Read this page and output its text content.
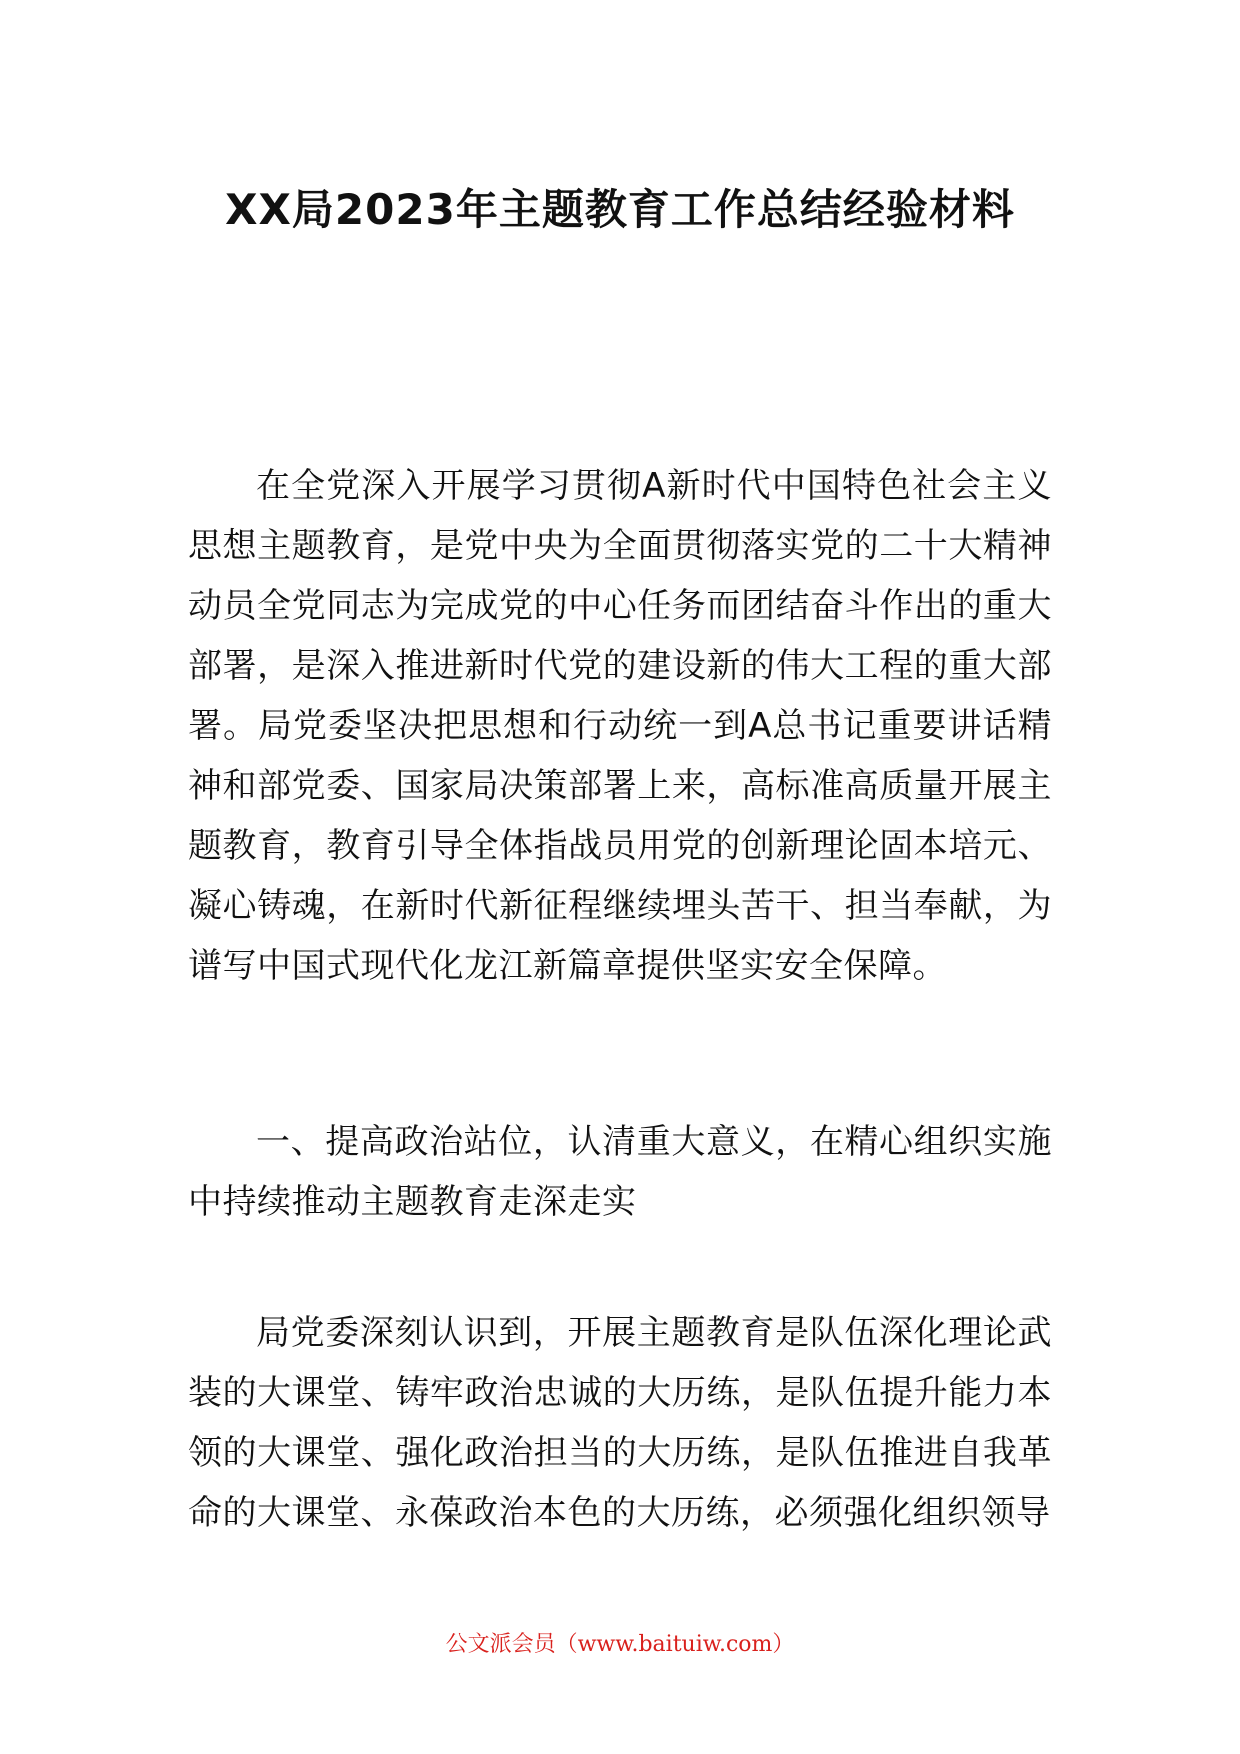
XX局2023年主题教育工作总结经验材料

在全党深入开展学习贯彻A新时代中国特色社会主义思想主题教育，是党中央为全面贯彻落实党的二十大精神动员全党同志为完成党的中心任务而团结奋斗作出的重大部署，是深入推进新时代党的建设新的伟大工程的重大部署。局党委坚决把思想和行动统一到A总书记重要讲话精神和部党委、国家局决策部署上来，高标准高质量开展主题教育，教育引导全体指战员用党的创新理论固本培元、凝心铸魂，在新时代新征程继续埋头苦干、担当奉献，为谱写中国式现代化龙江新篇章提供坚实安全保障。

一、提高政治站位，认清重大意义，在精心组织实施中持续推动主题教育走深走实

局党委深刻认识到，开展主题教育是队伍深化理论武装的大课堂、铸牢政治忠诚的大历练，是队伍提升能力本领的大课堂、强化政治担当的大历练，是队伍推进自我革命的大课堂、永葆政治本色的大历练，必须强化组织领导

公文派会员（www.baituiw.com）
